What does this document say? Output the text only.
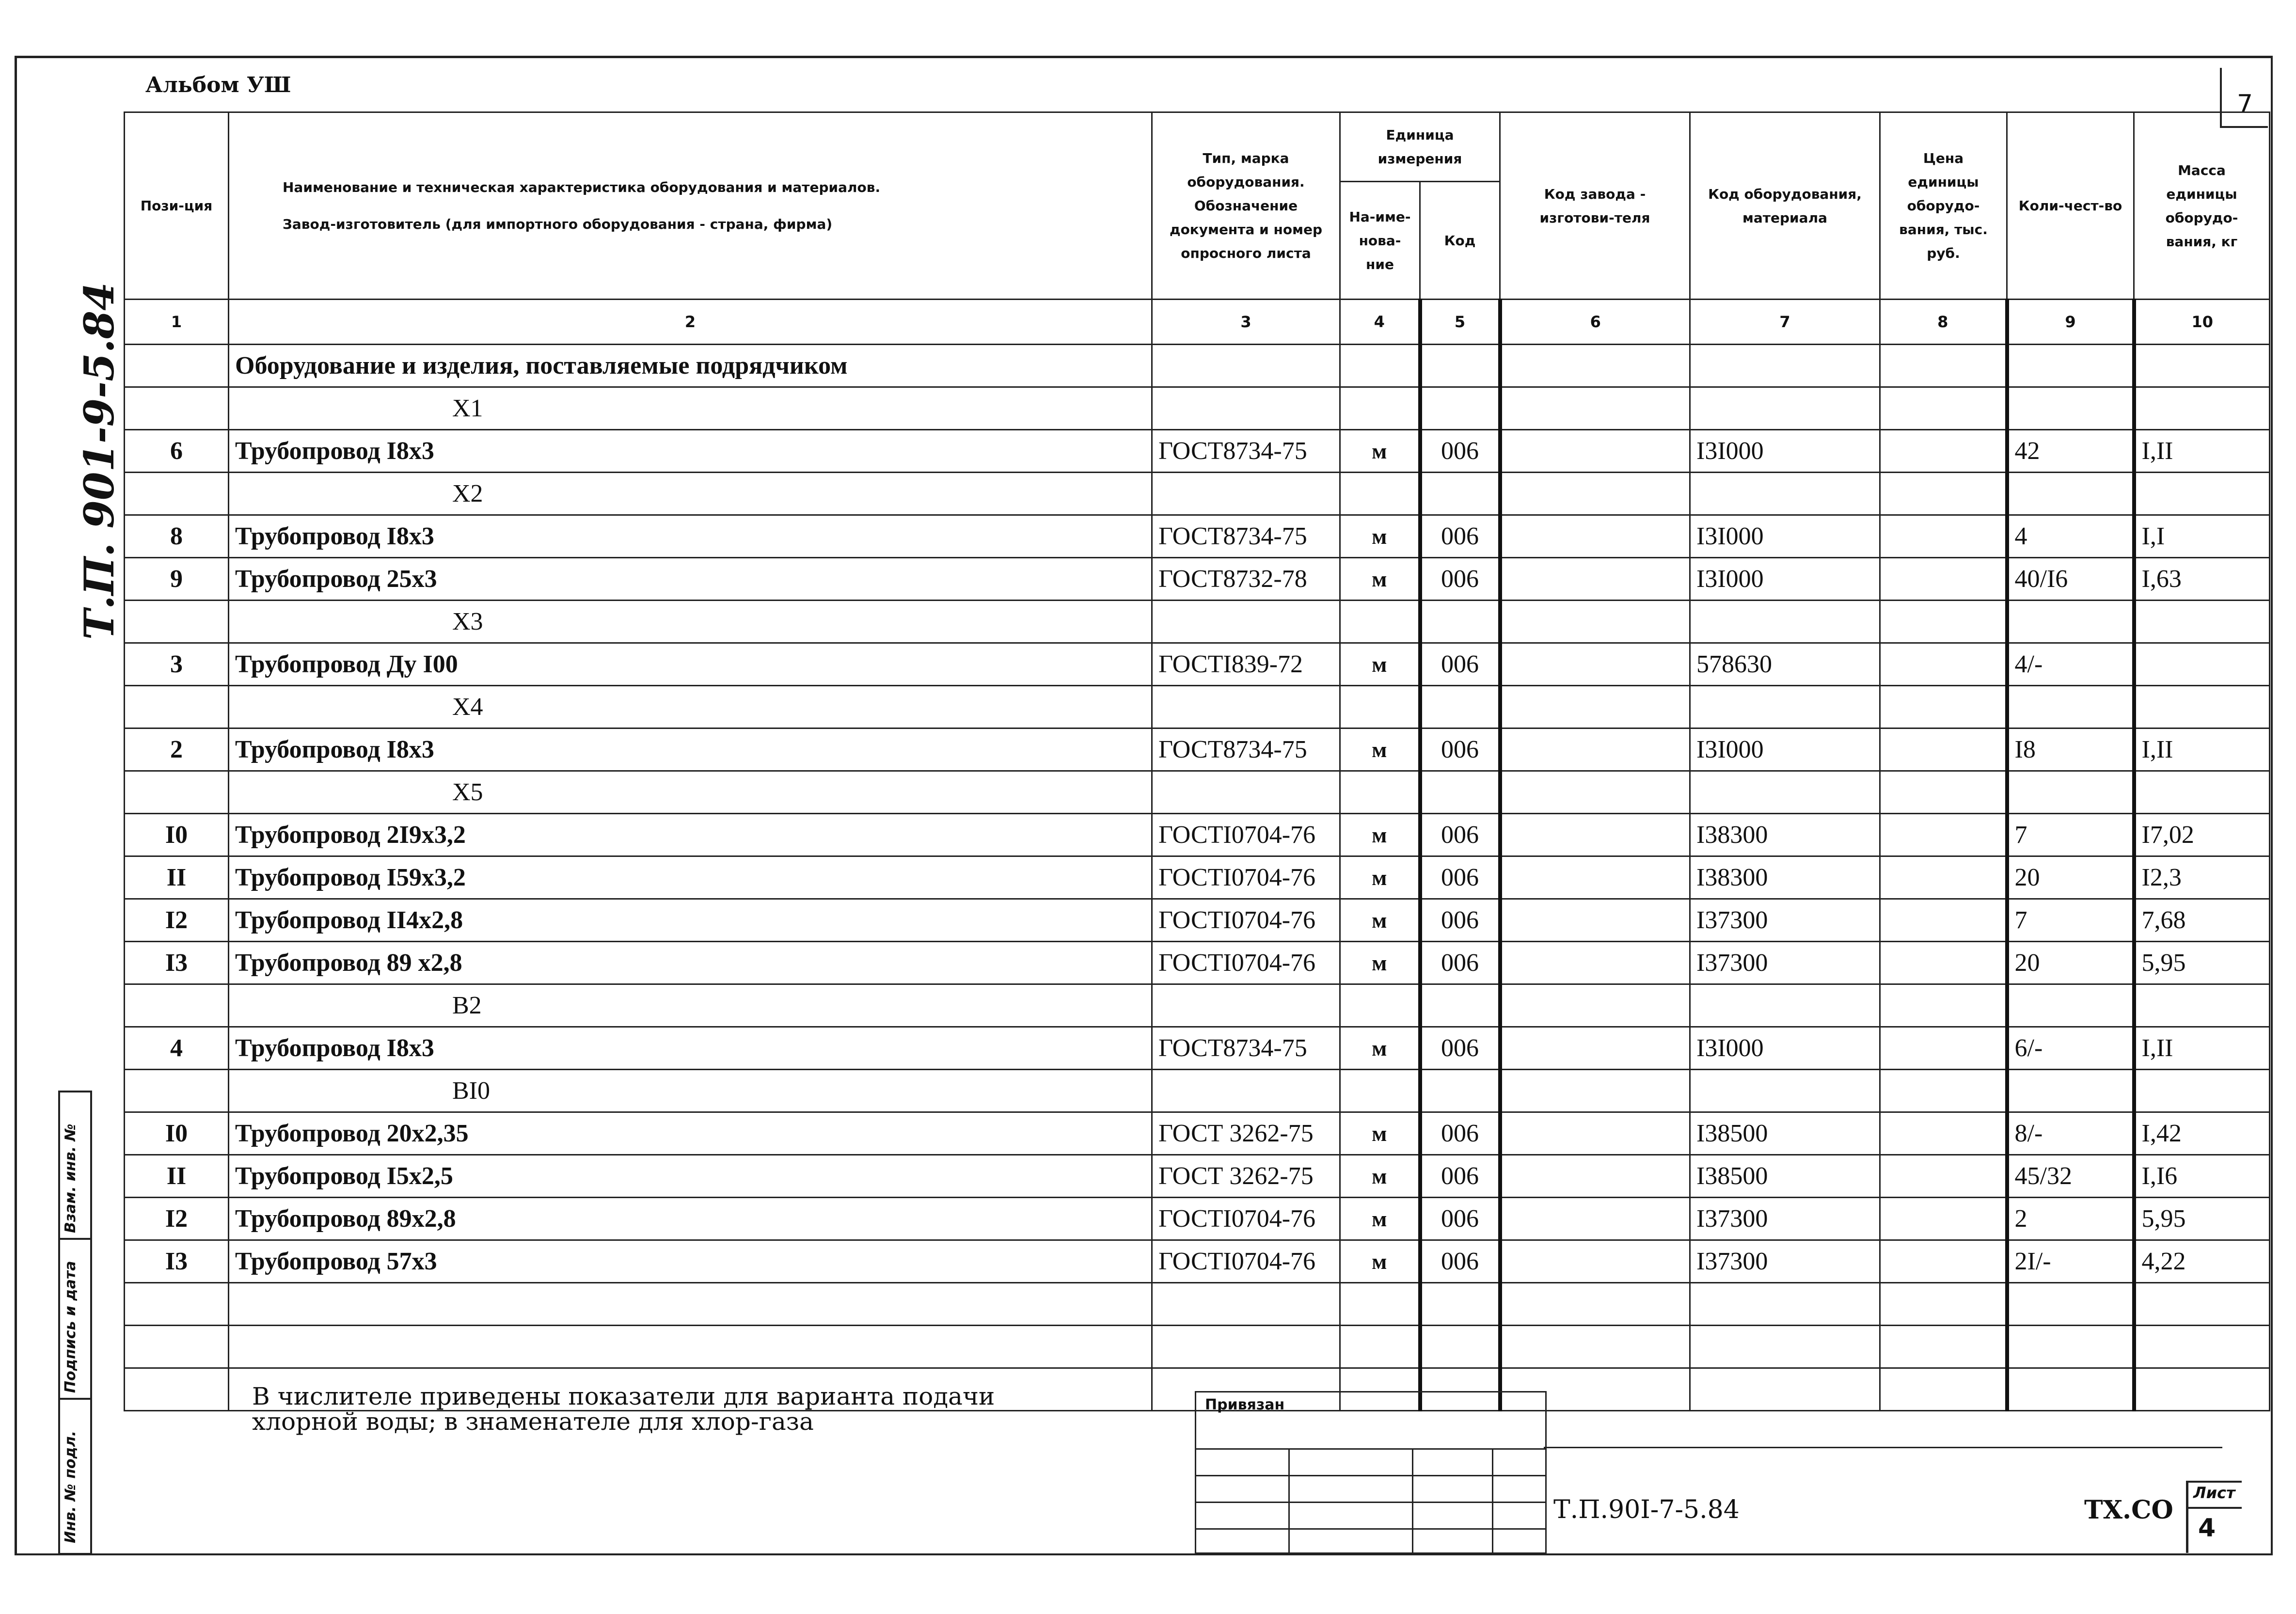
Альбом УШ
7
Т.П. 901-9-5.84
Пози-ция	Наименование и техническая характеристика оборудования и материалов.
Завод-изготовитель (для импортного оборудования - страна, фирма)	Тип, марка оборудования. Обозначение документа и номер опросного листа	Единица измерения		Код завода - изготови-теля	Код оборудования, материала	Цена единицы оборудо-вания, тыс. руб.	Коли-чест-во	Масса единицы оборудо-вания, кг
			На-име-нова-ние	Код					
1	2	3	4	5	6	7	8	9	10
	Оборудование и изделия, поставляемые подрядчиком								
	Х1								
6	Трубопровод I8х3	ГОСТ8734-75	м	006		I3I000		42	I,II
	Х2								
8	Трубопровод I8х3	ГОСТ8734-75	м	006		I3I000		4	I,I
9	Трубопровод 25х3	ГОСТ8732-78	м	006		I3I000		40/I6	I,63
	Х3								
3	Трубопровод Ду I00	ГОСТI839-72	м	006		578630		4/-	
	Х4								
2	Трубопровод I8х3	ГОСТ8734-75	м	006		I3I000		I8	I,II
	Х5								
I0	Трубопровод 2I9х3,2	ГОСТI0704-76	м	006		I38300		7	I7,02
II	Трубопровод I59х3,2	ГОСТI0704-76	м	006		I38300		20	I2,3
I2	Трубопровод II4х2,8	ГОСТI0704-76	м	006		I37300		7	7,68
I3	Трубопровод 89 х2,8	ГОСТI0704-76	м	006		I37300		20	5,95
	В2								
4	Трубопровод I8х3	ГОСТ8734-75	м	006		I3I000		6/-	I,II
	ВI0								
I0	Трубопровод 20х2,35	ГОСТ 3262-75	м	006		I38500		8/-	I,42
II	Трубопровод I5х2,5	ГОСТ 3262-75	м	006		I38500		45/32	I,I6
I2	Трубопровод 89х2,8	ГОСТI0704-76	м	006		I37300		2	5,95
I3	Трубопровод 57х3	ГОСТI0704-76	м	006		I37300		2I/-	4,22

В числителе приведены показатели для варианта подачи
хлорной воды; в знаменателе для хлор-газа
Взам. инв. №
Подпись и дата
Инв. № подл.
Привязан
Т.П.90I-7-5.84	ТХ.СО
Лист
4
